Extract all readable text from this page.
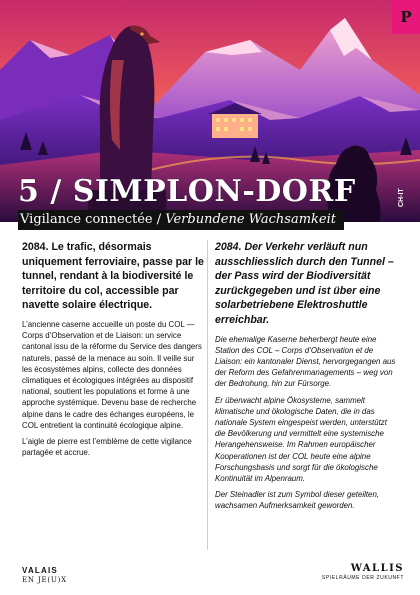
P
CH-IT
5 / SIMPLON-DORF
Vigilance connectée / Verbundene Wachsamkeit

2084. Le trafic, désormais uniquement ferroviaire, passe par le tunnel, rendant à la biodiversité le territoire du col, accessible par navette solaire électrique.

L’ancienne caserne accueille un poste du COL — Corps d’Observation et de Liaison: un service cantonal issu de la réforme du Service des dangers naturels, passé de la menace au soin. Il veille sur les écosystèmes alpins, collecte des données climatiques et écologiques intégrées au dispositif national, soutient les populations et forme à une approche systémique. Devenu base de recherche alpine dans le cadre des échanges européens, le COL entretient la continuité écologique alpine.

L’aigle de pierre est l’emblème de cette vigilance partagée et accrue.

2084. Der Verkehr verläuft nun ausschliesslich durch den Tunnel – der Pass wird der Biodiversität zurückgegeben und ist über eine solarbetriebene Elektroshuttle erreichbar.

Die ehemalige Kaserne beherbergt heute eine Station des COL – Corps d’Observation et de Liaison: ein kantonaler Dienst, hervorgegangen aus der Reform des Gefahrenmanagements – weg von der Bedrohung, hin zur Fürsorge.

Er überwacht alpine Ökosysteme, sammelt klimatische und ökologische Daten, die in das nationale System eingespeist werden, unterstützt die Bevölkerung und vermittelt eine systemische Herangehensweise. Im Rahmen europäischer Kooperationen ist der COL heute eine alpine Forschungsbasis und sorgt für die ökologische Kontinuität im Alpenraum.

Der Steinadler ist zum Symbol dieser geteilten, wachsamen Aufmerksamkeit geworden.

VALAIS
EN JE(U)X
WALLIS
SPIELRÄUME DER ZUKUNFT
